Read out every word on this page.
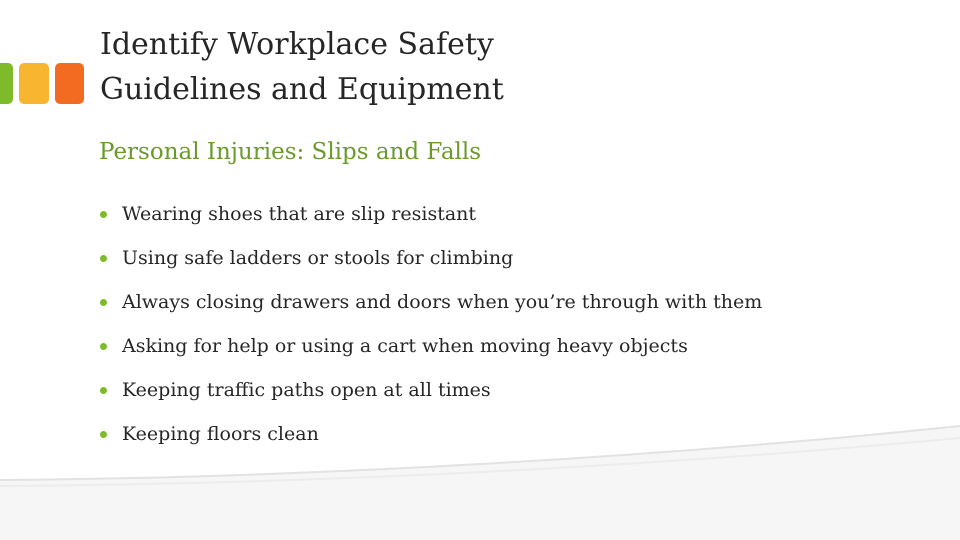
Identify Workplace Safety
Guidelines and Equipment
Personal Injuries: Slips and Falls
Wearing shoes that are slip resistant
Using safe ladders or stools for climbing
Always closing drawers and doors when you’re through with them
Asking for help or using a cart when moving heavy objects
Keeping traffic paths open at all times
Keeping floors clean
